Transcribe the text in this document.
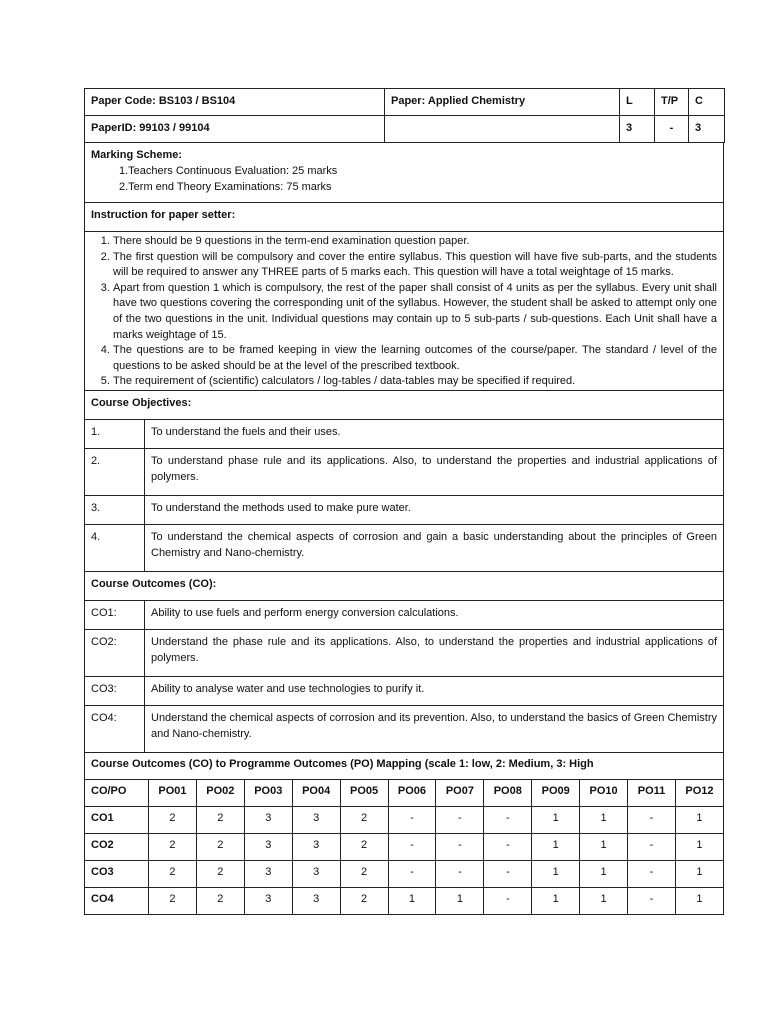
Paper Code: BS103 / BS104	Paper: Applied Chemistry	L	T/P	C
PaperID: 99103 / 99104		3	-	3
Marking Scheme:
1.Teachers Continuous Evaluation: 25 marks
2.Term end Theory Examinations: 75 marks

Instruction for paper setter:

1. There should be 9 questions in the term-end examination question paper.
2. The first question will be compulsory and cover the entire syllabus. This question will have five sub-parts, and the students will be required to answer any THREE parts of 5 marks each. This question will have a total weightage of 15 marks.
3. Apart from question 1 which is compulsory, the rest of the paper shall consist of 4 units as per the syllabus. Every unit shall have two questions covering the corresponding unit of the syllabus. However, the student shall be asked to attempt only one of the two questions in the unit. Individual questions may contain up to 5 sub-parts / sub-questions. Each Unit shall have a marks weightage of 15.
4. The questions are to be framed keeping in view the learning outcomes of the course/paper. The standard / level of the questions to be asked should be at the level of the prescribed textbook.
5. The requirement of (scientific) calculators / log-tables / data-tables may be specified if required.
Course Objectives:	
1.	To understand the fuels and their uses.
2.	To understand phase rule and its applications. Also, to understand the properties and industrial applications of polymers.
3.	To understand the methods used to make pure water.
4.	To understand the chemical aspects of corrosion and gain a basic understanding about the principles of Green Chemistry and Nano-chemistry.
Course Outcomes (CO):	
CO1:	Ability to use fuels and perform energy conversion calculations.
CO2:	Understand the phase rule and its applications. Also, to understand the properties and industrial applications of polymers.
CO3:	Ability to analyse water and use technologies to purify it.
CO4:	Understand the chemical aspects of corrosion and its prevention. Also, to understand the basics of Green Chemistry and Nano-chemistry.
Course Outcomes (CO) to Programme Outcomes (PO) Mapping (scale 1: low, 2: Medium, 3: High												
CO/PO	PO01	PO02	PO03	PO04	PO05	PO06	PO07	PO08	PO09	PO10	PO11	PO12
CO1	2	2	3	3	2	-	-	-	1	1	-	1
CO2	2	2	3	3	2	-	-	-	1	1	-	1
CO3	2	2	3	3	2	-	-	-	1	1	-	1
CO4	2	2	3	3	2	1	1	-	1	1	-	1
